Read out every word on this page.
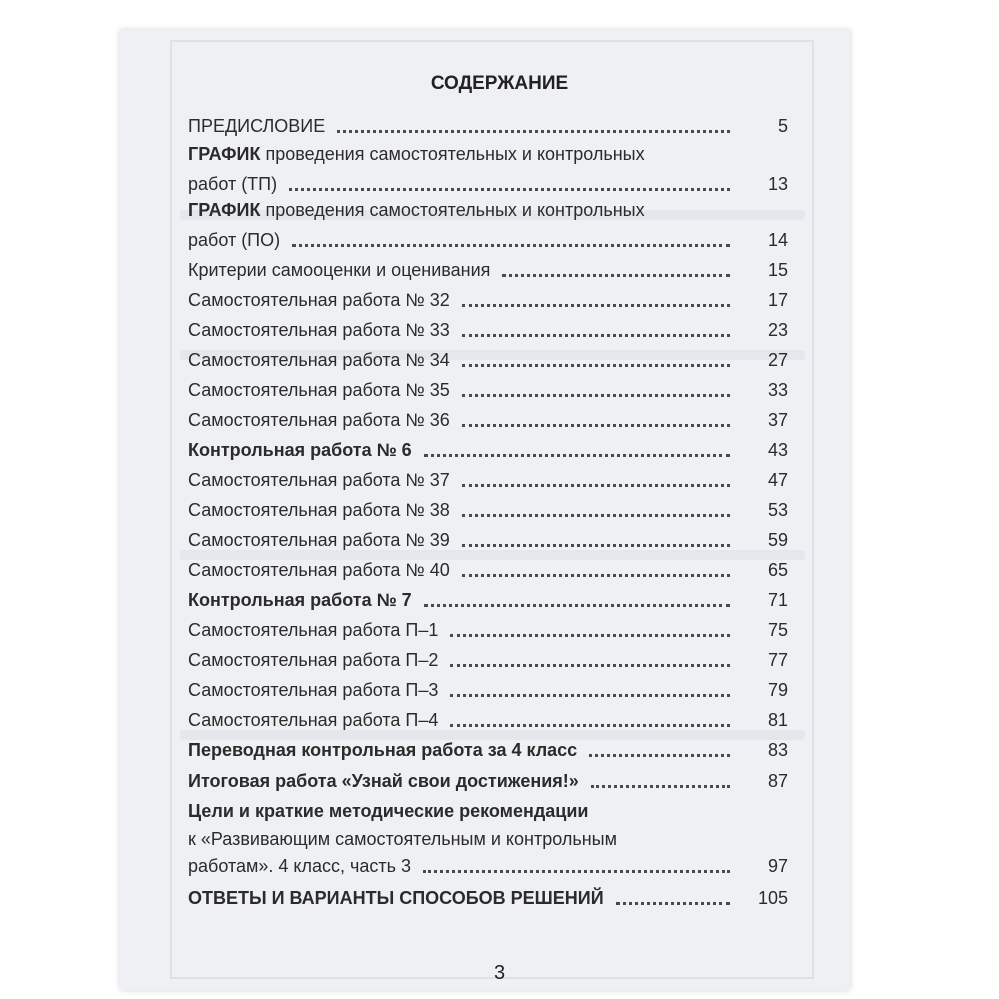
СОДЕРЖАНИЕ
ПРЕДИСЛОВИЕ	5
ГРАФИК проведения самостоятельных и контрольных
работ (ТП)	13
ГРАФИК проведения самостоятельных и контрольных
работ (ПО)	14
Критерии самооценки и оценивания	15
Самостоятельная работа № 32	17
Самостоятельная работа № 33	23
Самостоятельная работа № 34	27
Самостоятельная работа № 35	33
Самостоятельная работа № 36	37
Контрольная работа № 6	43
Самостоятельная работа № 37	47
Самостоятельная работа № 38	53
Самостоятельная работа № 39	59
Самостоятельная работа № 40	65
Контрольная работа № 7	71
Самостоятельная работа П–1	75
Самостоятельная работа П–2	77
Самостоятельная работа П–3	79
Самостоятельная работа П–4	81
Переводная контрольная работа за 4 класс	83
Итоговая работа «Узнай свои достижения!»	87
Цели и краткие методические рекомендации
к «Развивающим самостоятельным и контрольным
работам». 4 класс, часть 3	97
ОТВЕТЫ И ВАРИАНТЫ СПОСОБОВ РЕШЕНИЙ	105
3
